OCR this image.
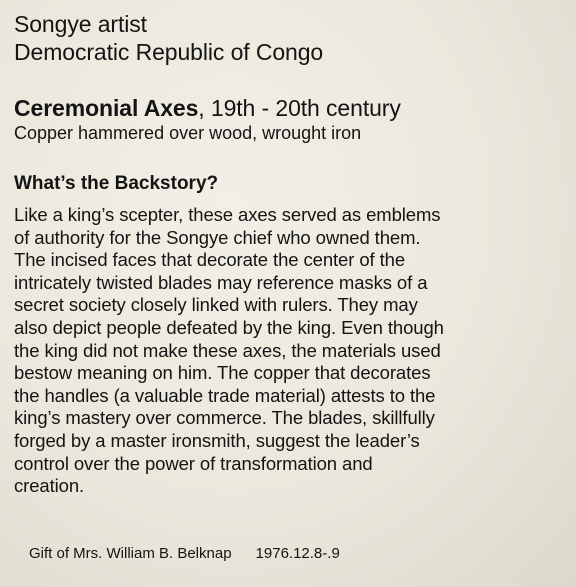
Songye artist
Democratic Republic of Congo
Ceremonial Axes, 19th - 20th century
Copper hammered over wood, wrought iron
What’s the Backstory?
Like a king’s scepter, these axes served as emblems
of authority for the Songye chief who owned them.
The incised faces that decorate the center of the
intricately twisted blades may reference masks of a
secret society closely linked with rulers. They may
also depict people defeated by the king. Even though
the king did not make these axes, the materials used
bestow meaning on him. The copper that decorates
the handles (a valuable trade material) attests to the
king’s mastery over commerce. The blades, skillfully
forged by a master ironsmith, suggest the leader’s
control over the power of transformation and
creation.
Gift of Mrs. William B. Belknap 1976.12.8-.9
